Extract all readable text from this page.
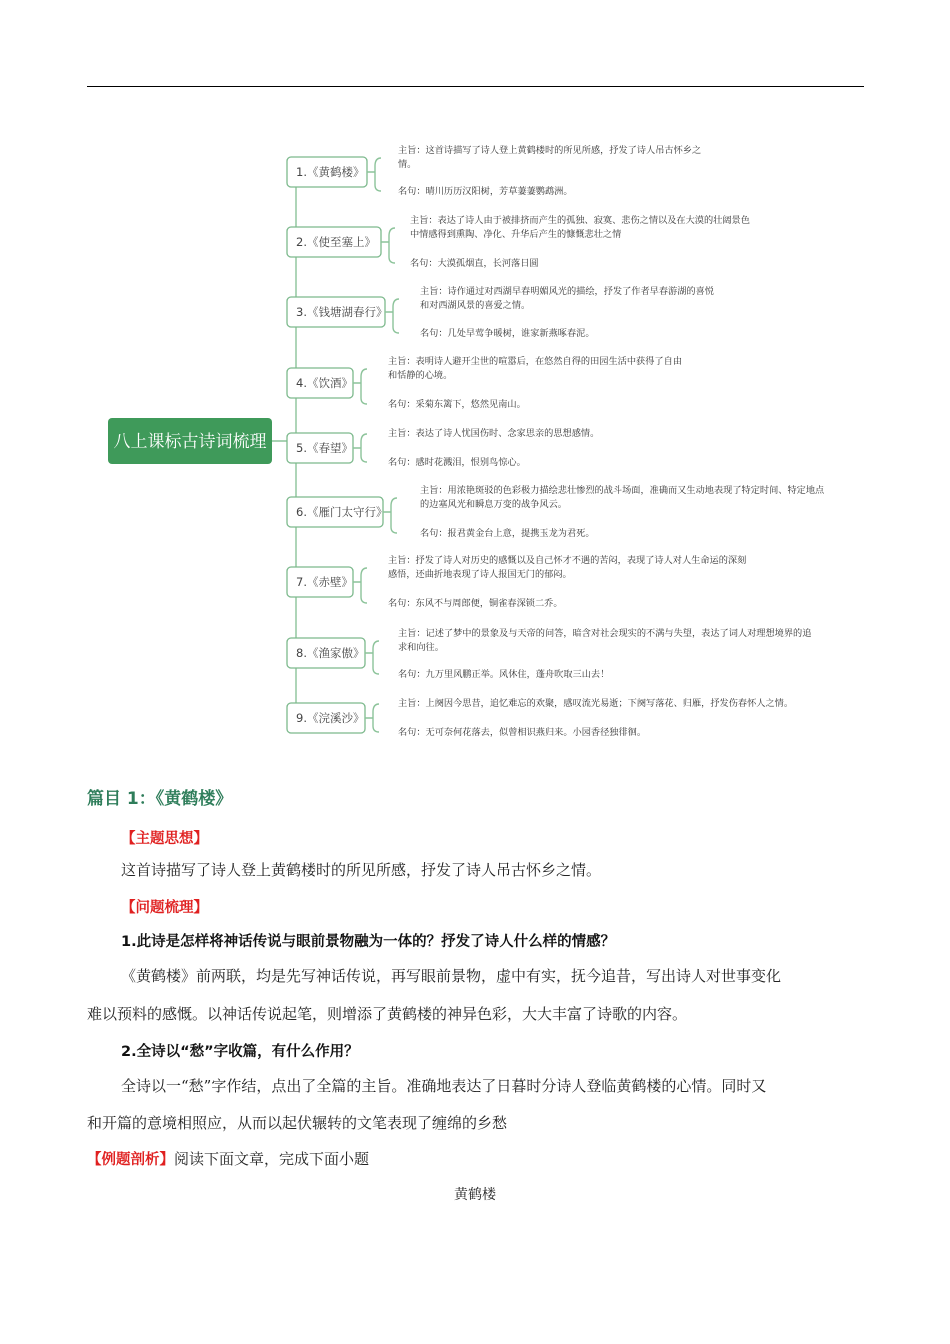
1.《黄鹤楼》
主旨：这首诗描写了诗人登上黄鹤楼时的所见所感，抒发了诗人吊古怀乡之
情。
名句：晴川历历汉阳树，芳草萋萋鹦鹉洲。
2.《使至塞上》
主旨：表达了诗人由于被排挤而产生的孤独、寂寞、悲伤之情以及在大漠的壮阔景色
中情感得到熏陶、净化、升华后产生的慷慨悲壮之情
名句：大漠孤烟直，长河落日圆
3.《钱塘湖春行》
主旨：诗作通过对西湖早春明媚风光的描绘，抒发了作者早春游湖的喜悦
和对西湖风景的喜爱之情。
名句：几处早莺争暖树，谁家新燕啄春泥。
4.《饮酒》
主旨：表明诗人避开尘世的喧嚣后，在悠然自得的田园生活中获得了自由
和恬静的心境。
名句：采菊东篱下，悠然见南山。
5.《春望》
主旨：表达了诗人忧国伤时、念家思亲的思想感情。
名句：感时花溅泪，恨别鸟惊心。
6.《雁门太守行》
主旨：用浓艳斑驳的色彩极力描绘悲壮惨烈的战斗场面，准确而又生动地表现了特定时间、特定地点
的边塞风光和瞬息万变的战争风云。
名句：报君黄金台上意，提携玉龙为君死。
7.《赤壁》
主旨：抒发了诗人对历史的感慨以及自己怀才不遇的苦闷，表现了诗人对人生命运的深刻
感悟，还曲折地表现了诗人报国无门的郁闷。
名句：东风不与周郎便，铜雀春深锁二乔。
8.《渔家傲》
主旨：记述了梦中的景象及与天帝的问答，暗含对社会现实的不满与失望，表达了词人对理想境界的追
求和向往。
名句：九万里风鹏正举。风休住，蓬舟吹取三山去！
9.《浣溪沙》
主旨：上阕因今思昔，追忆难忘的欢聚，感叹流光易逝；下阕写落花、归雁，抒发伤春怀人之情。
名句：无可奈何花落去，似曾相识燕归来。小园香径独徘徊。
八上课标古诗词梳理
篇目 1：《黄鹤楼》
【主题思想】
这首诗描写了诗人登上黄鹤楼时的所见所感，抒发了诗人吊古怀乡之情。
【问题梳理】
1.此诗是怎样将神话传说与眼前景物融为一体的？抒发了诗人什么样的情感？
《黄鹤楼》前两联，均是先写神话传说，再写眼前景物，虚中有实，抚今追昔，写出诗人对世事变化
难以预料的感慨。以神话传说起笔，则增添了黄鹤楼的神异色彩，大大丰富了诗歌的内容。
2.全诗以“愁”字收篇，有什么作用？
全诗以一“愁”字作结，点出了全篇的主旨。准确地表达了日暮时分诗人登临黄鹤楼的心情。同时又
和开篇的意境相照应，从而以起伏辗转的文笔表现了缠绵的乡愁
【例题剖析】阅读下面文章，完成下面小题
黄鹤楼
